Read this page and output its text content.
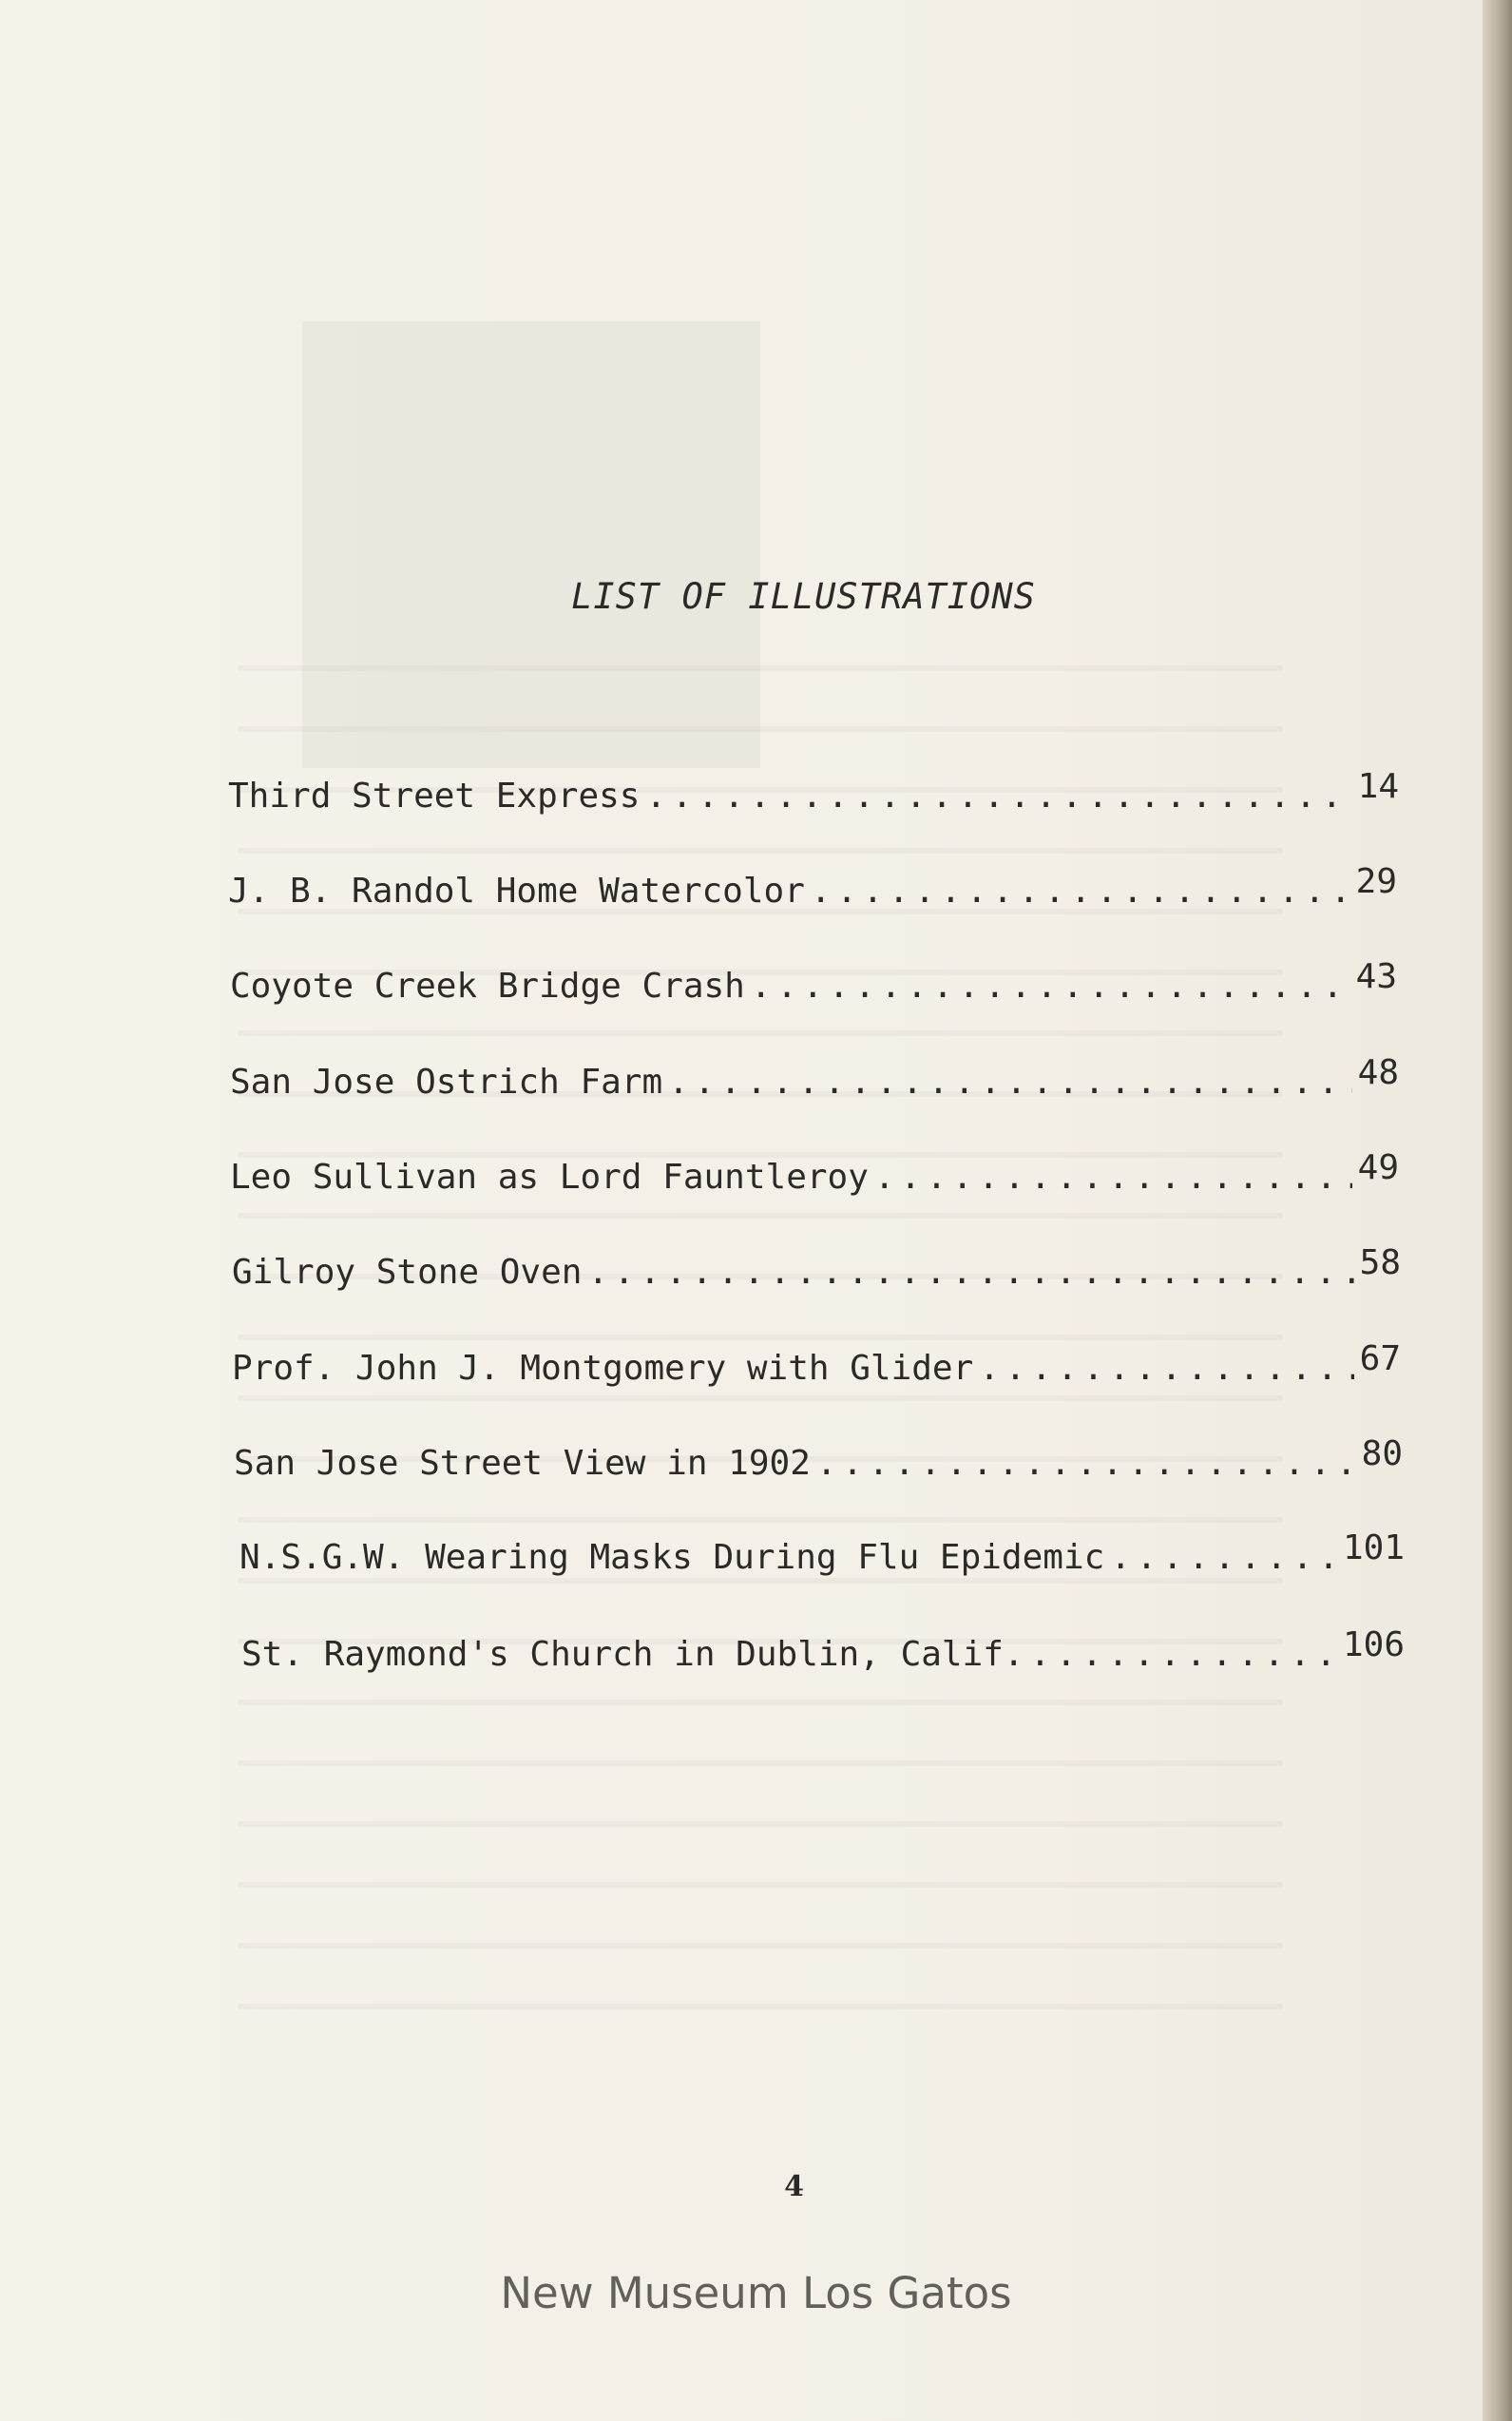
LIST OF ILLUSTRATIONS
Third Street Express . . .	14
J. B. Randol Home Watercolor . . .	29
Coyote Creek Bridge Crash . . .	43
San Jose Ostrich Farm . . .	48
Leo Sullivan as Lord Fauntleroy . . .	49
Gilroy Stone Oven . . .	58
Prof. John J. Montgomery with Glider . . .	67
San Jose Street View in 1902 . . .	80
N.S.G.W. Wearing Masks During Flu Epidemic . . .	101
St. Raymond's Church in Dublin, Calif. . . .	106
4
New Museum Los Gatos
